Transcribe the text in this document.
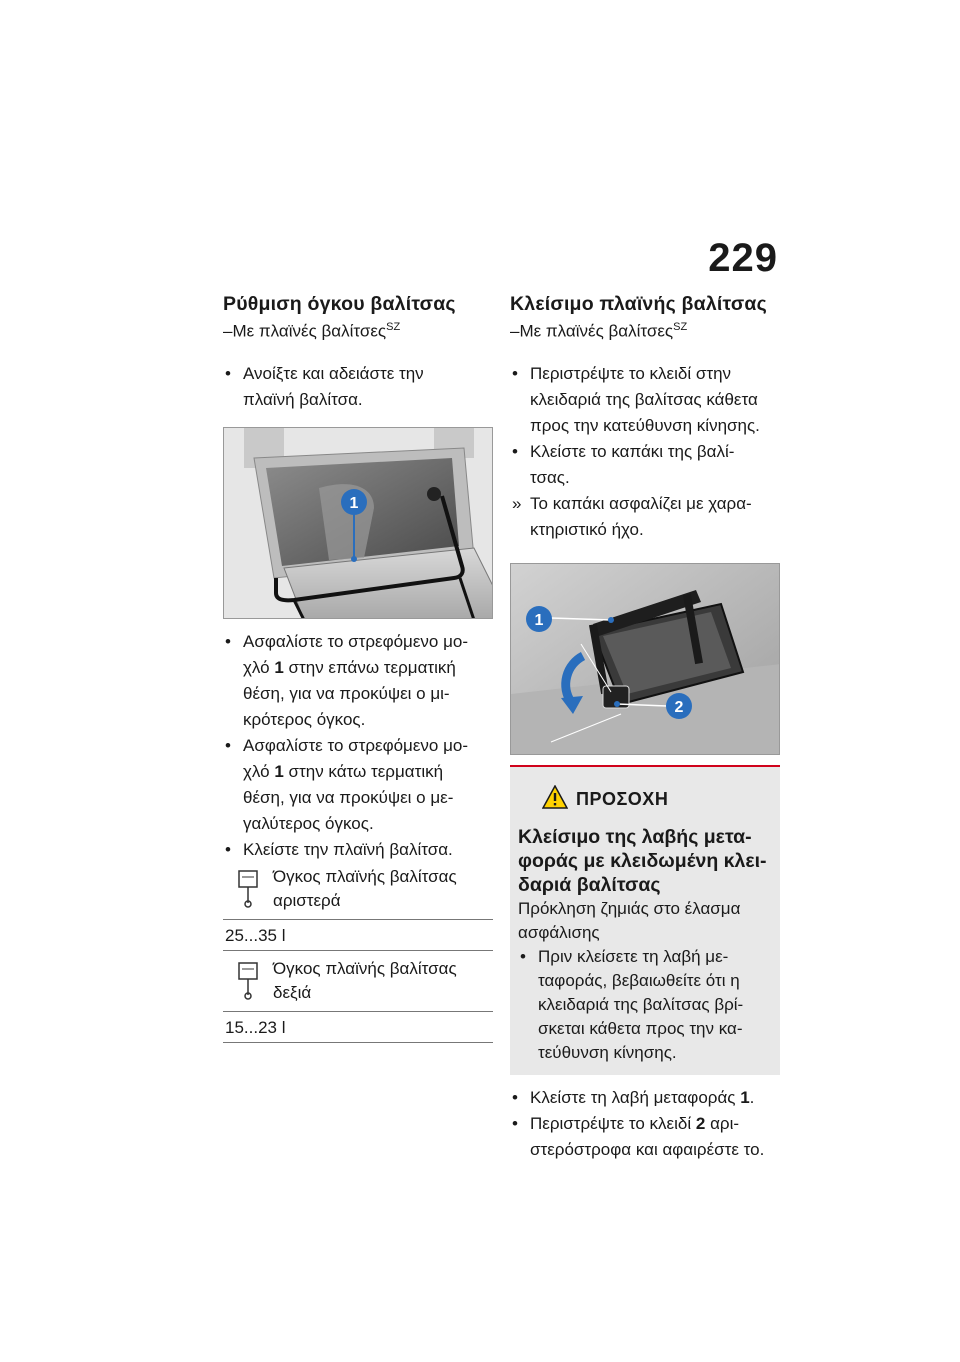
229
Ρύθμιση όγκου βαλίτσας
–Με πλαϊνές βαλίτσες$^{SZ}$
• Ανοίξτε και αδειάστε την
πλαϊνή βαλίτσα.
1
• Ασφαλίστε το στρεφόμενο μο-
χλό 1 στην επάνω τερματική
θέση, για να προκύψει ο μι-
κρότερος όγκος.
• Ασφαλίστε το στρεφόμενο μο-
χλό 1 στην κάτω τερματική
θέση, για να προκύψει ο με-
γαλύτερος όγκος.
• Κλείστε την πλαϊνή βαλίτσα.
Όγκος πλαϊνής βαλίτσας
αριστερά
25...35 l
Όγκος πλαϊνής βαλίτσας
δεξιά
15...23 l
Κλείσιμο πλαϊνής βαλίτσας
–Με πλαϊνές βαλίτσες$^{SZ}$
• Περιστρέψτε το κλειδί στην
κλειδαριά της βαλίτσας κάθετα
προς την κατεύθυνση κίνησης.
• Κλείστε το καπάκι της βαλί-
τσας.
» Το καπάκι ασφαλίζει με χαρα-
κτηριστικό ήχο.
1
2
ΠΡΟΣΟΧΗ
Κλείσιμο της λαβής μετα-
φοράς με κλειδωμένη κλει-
δαριά βαλίτσας
Πρόκληση ζημιάς στο έλασμα
ασφάλισης
• Πριν κλείσετε τη λαβή με-
ταφοράς, βεβαιωθείτε ότι η
κλειδαριά της βαλίτσας βρί-
σκεται κάθετα προς την κα-
τεύθυνση κίνησης.
• Κλείστε τη λαβή μεταφοράς 1.
• Περιστρέψτε το κλειδί 2 αρι-
στερόστροφα και αφαιρέστε το.
